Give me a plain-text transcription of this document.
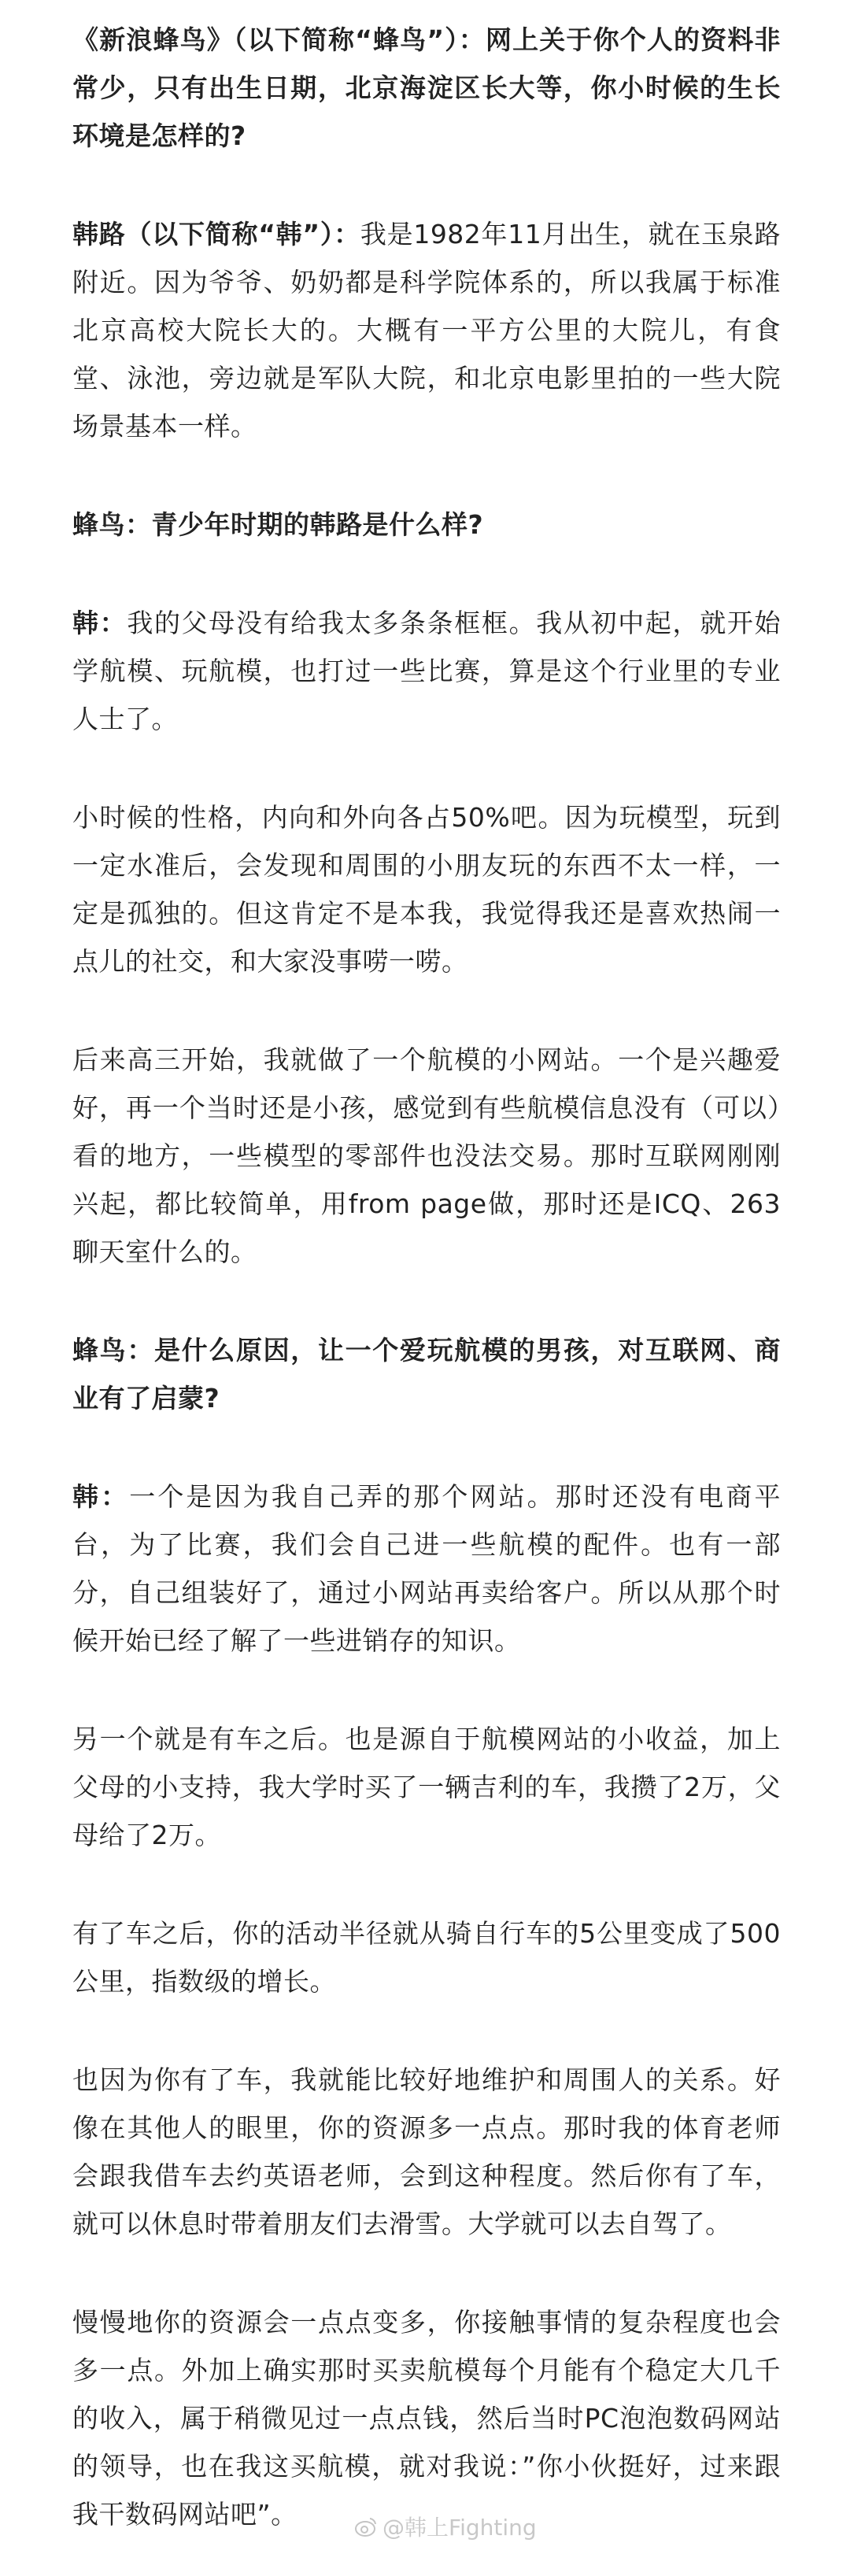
《新浪蜂鸟》（以下简称“蜂鸟”）：网上关于你个人的资料非常少，只有出生日期，北京海淀区长大等，你小时候的生长环境是怎样的?

韩路（以下简称“韩”）：我是1982年11月出生，就在玉泉路附近。因为爷爷、奶奶都是科学院体系的，所以我属于标准北京高校大院长大的。大概有一平方公里的大院儿，有食堂、泳池，旁边就是军队大院，和北京电影里拍的一些大院场景基本一样。

蜂鸟：青少年时期的韩路是什么样?

韩：我的父母没有给我太多条条框框。我从初中起，就开始学航模、玩航模，也打过一些比赛，算是这个行业里的专业人士了。

小时候的性格，内向和外向各占50%吧。因为玩模型，玩到一定水准后，会发现和周围的小朋友玩的东西不太一样，一定是孤独的。但这肯定不是本我，我觉得我还是喜欢热闹一点儿的社交，和大家没事唠一唠。

后来高三开始，我就做了一个航模的小网站。一个是兴趣爱好，再一个当时还是小孩，感觉到有些航模信息没有（可以）看的地方，一些模型的零部件也没法交易。那时互联网刚刚兴起，都比较简单，用from page做，那时还是ICQ、263聊天室什么的。

蜂鸟：是什么原因，让一个爱玩航模的男孩，对互联网、商业有了启蒙?

韩：一个是因为我自己弄的那个网站。那时还没有电商平台，为了比赛，我们会自己进一些航模的配件。也有一部分，自己组装好了，通过小网站再卖给客户。所以从那个时候开始已经了解了一些进销存的知识。

另一个就是有车之后。也是源自于航模网站的小收益，加上父母的小支持，我大学时买了一辆吉利的车，我攒了2万，父母给了2万。

有了车之后，你的活动半径就从骑自行车的5公里变成了500公里，指数级的增长。

也因为你有了车，我就能比较好地维护和周围人的关系。好像在其他人的眼里，你的资源多一点点。那时我的体育老师会跟我借车去约英语老师，会到这种程度。然后你有了车，就可以休息时带着朋友们去滑雪。大学就可以去自驾了。

慢慢地你的资源会一点点变多，你接触事情的复杂程度也会多一点。外加上确实那时买卖航模每个月能有个稳定大几千的收入，属于稍微见过一点点钱，然后当时PC泡泡数码网站的领导，也在我这买航模，就对我说：”你小伙挺好，过来跟我干数码网站吧”。	@韩上Fighting
